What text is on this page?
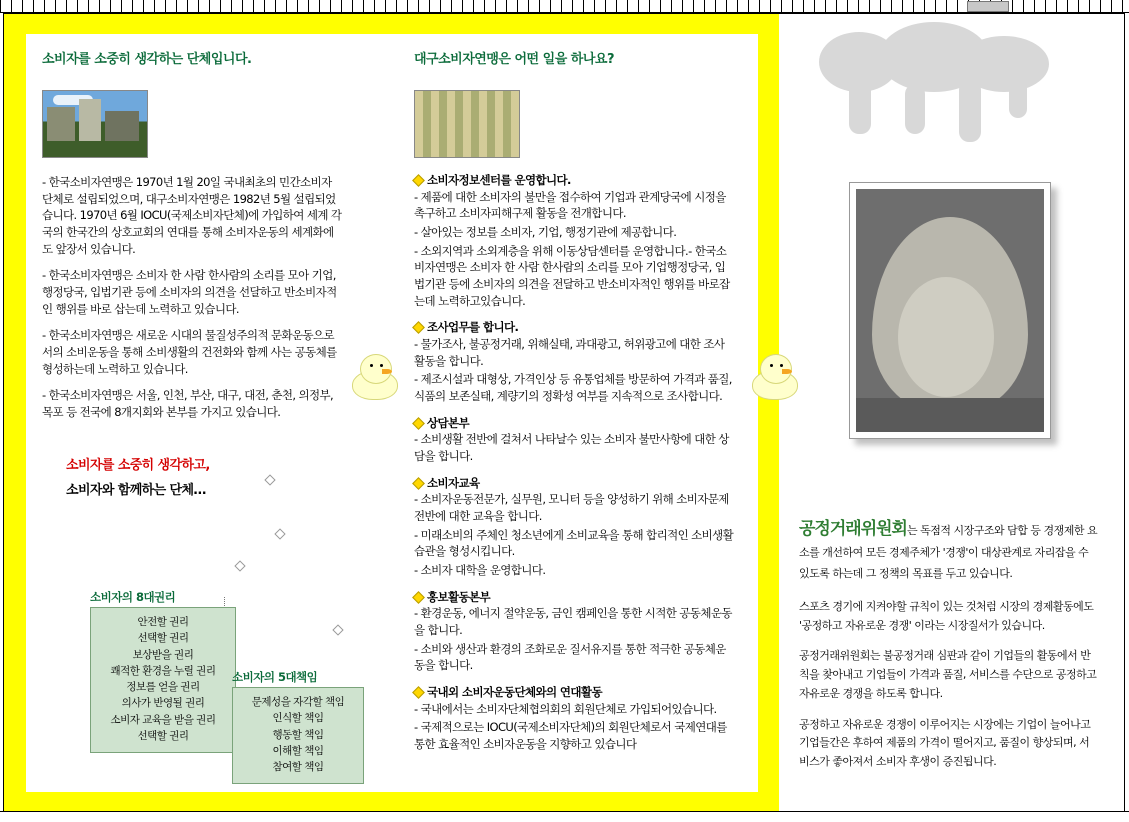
소비자를 소중히 생각하는 단체입니다.

- 한국소비자연맹은 1970년 1월 20일 국내최초의 민간소비자단체로 설립되었으며, 대구소비자연맹은 1982년 5월 설립되었습니다. 1970년 6월 IOCU(국제소비자단체)에 가입하여 세계 각국의 한국간의 상호교회의 연대를 통해 소비자운동의 세계화에도 앞장서 있습니다.

- 한국소비자연맹은 소비자 한 사람 한사람의 소리를 모아 기업, 행정당국, 입법기관 등에 소비자의 의견을 선달하고 반소비자적인 행위를 바로 삽는데 노력하고 있습니다.

- 한국소비자연맹은 새로운 시대의 물질성주의적 문화운동으로서의 소비운동을 통해 소비생활의 건전화와 함께 사는 공동체를 형성하는데 노력하고 있습니다.

- 한국소비자연맹은 서울, 인천, 부산, 대구, 대전, 춘천, 의정부, 목포 등 전국에 8개지회와 본부를 가지고 있습니다.

소비자를 소중히 생각하고,
소비자와 함께하는 단체…
소비자의 8대권리
안전할 권리
선택할 권리
보상받을 권리
쾌적한 환경을 누릴 권리
정보를 얻을 권리
의사가 반영될 권리
소비자 교육을 받을 권리
선택할 권리
소비자의 5대책임
문제성을 자각할 책임
인식할 책임
행동할 책임
이해할 책임
참여할 책임
대구소비자연맹은 어떤 일을 하나요?
소비자정보센터를 운영합니다.

- 제품에 대한 소비자의 불만을 접수하여 기업과 관계당국에 시정을 촉구하고 소비자피해구제 활동을 전개합니다.

- 살아있는 정보를 소비자, 기업, 행정기관에 제공합니다.

- 소외지역과 소외계층을 위해 이동상담센터를 운영합니다.- 한국소비자연맹은 소비자 한 사람 한사람의 소리를 모아 기업행정당국, 입법기관 등에 소비자의 의견을 전달하고 반소비자적인 행위를 바로잡는데 노력하고있습니다.

조사업무를 합니다.

- 물가조사, 불공정거래, 위해실태, 과대광고, 허위광고에 대한 조사활동을 합니다.

- 제조시설과 대형상, 가격인상 등 유통업체를 방문하여 가격과 품질, 식품의 보존실태, 계량기의 정확성 여부를 지속적으로 조사합니다.

상담본부

- 소비생활 전반에 걸쳐서 나타날수 있는 소비자 불만사항에 대한 상담을 합니다.

소비자교육

- 소비자운동전문가, 실무원, 모니터 등을 양성하기 위해 소비자문제 전반에 대한 교육을 합니다.

- 미래소비의 주체인 청소년에게 소비교육을 통해 합리적인 소비생활 습관을 형성시킵니다.

- 소비자 대학을 운영합니다.

홍보활동본부

- 환경운동, 에너지 절약운동, 금인 캠페인을 통한 시적한 공동체운동을 합니다.

- 소비와 생산과 환경의 조화로운 질서유지를 통한 적극한 공동체운동을 합니다.

국내외 소비자운동단체와의 연대활동

- 국내에서는 소비자단체협의회의 회원단체로 가입되어있습니다.

- 국제적으로는 IOCU(국제소비자단체)의 회원단체로서 국제연대를 통한 효율적인 소비자운동을 지향하고 있습니다

공정거래위원회는 독점적 시장구조와 담합 등 경쟁제한 요소를 개선하여 모든 경제주체가 '경쟁'이 대상관계로 자리잡을 수 있도록 하는데 그 정책의 목표를 두고 있습니다.

스포츠 경기에 지켜야할 규칙이 있는 것처럼 시장의 경제활동에도 '공정하고 자유로운 경쟁' 이라는 시장질서가 있습니다.

공정거래위원회는 불공정거래 심판과 같이 기업들의 활동에서 반칙을 찾아내고 기업들이 가격과 품질, 서비스를 수단으로 공정하고 자유로운 경쟁을 하도록 합니다.

공정하고 자유로운 경쟁이 이루어지는 시장에는 기업이 늘어나고 기업들간은 후하여 제품의 가격이 떨어지고, 품질이 향상되며, 서비스가 좋아져서 소비자 후생이 증진됩니다.
